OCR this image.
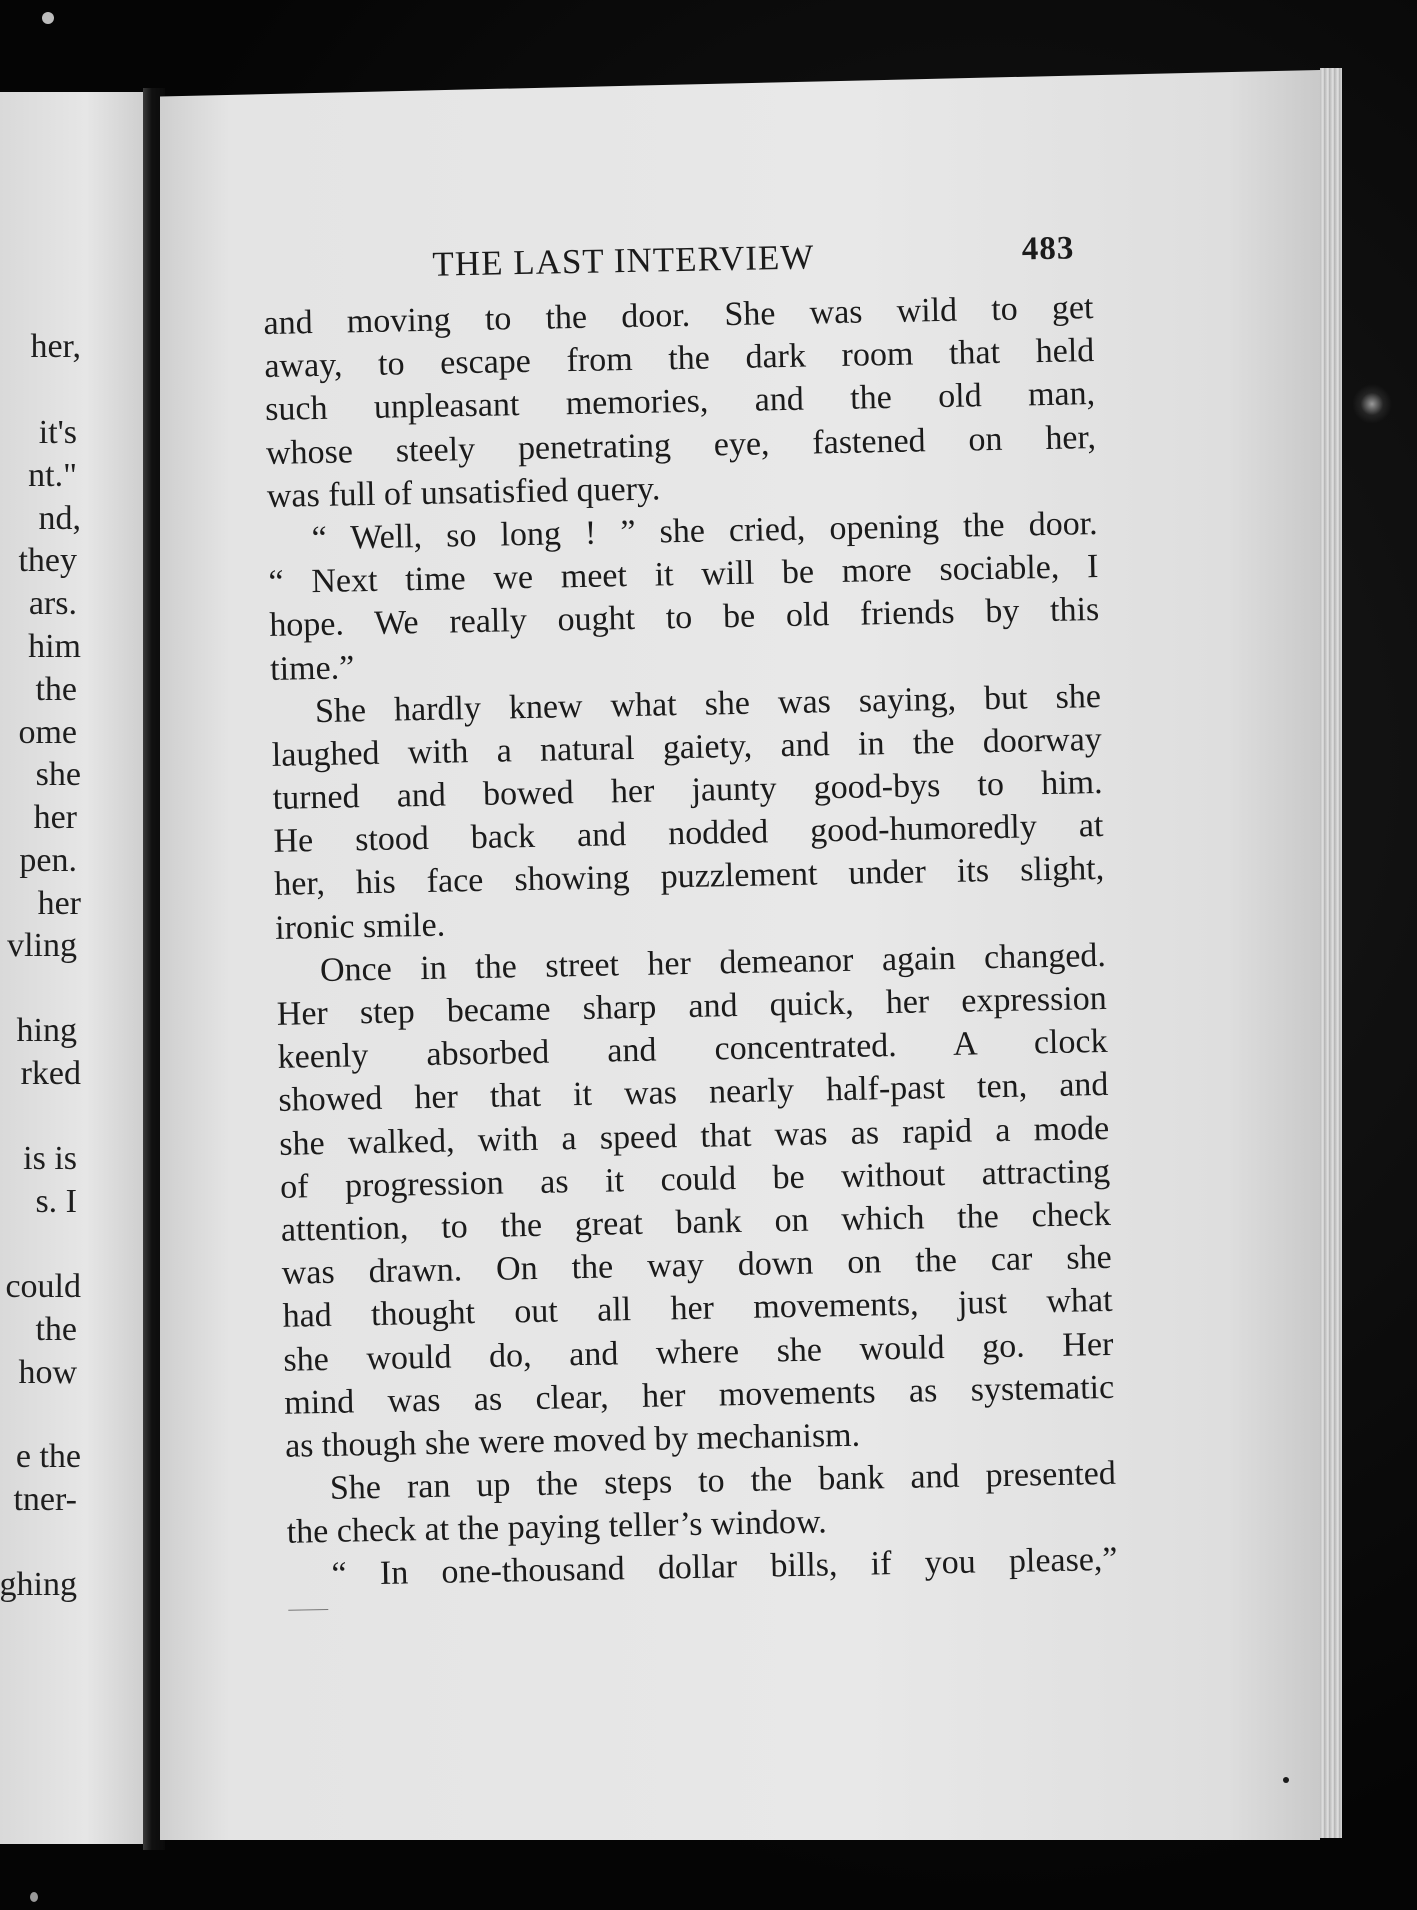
her,
it's
nt."
nd,
they
ars.
him
the
ome
she
her
pen.
her
vling
hing
rked
is is
s. I
could
the
how
e the
tner-
ghing
THE LAST INTERVIEW	483
and moving to the door. She was wild to get
away, to escape from the dark room that held
such unpleasant memories, and the old man,
whose steely penetrating eye, fastened on her,
was full of unsatisfied query.
“ Well, so long ! ” she cried, opening the door.
“ Next time we meet it will be more sociable, I
hope. We really ought to be old friends by this
time.”
She hardly knew what she was saying, but she
laughed with a natural gaiety, and in the doorway
turned and bowed her jaunty good-bys to him.
He stood back and nodded good-humoredly at
her, his face showing puzzlement under its slight,
ironic smile.
Once in the street her demeanor again changed.
Her step became sharp and quick, her expression
keenly absorbed and concentrated. A clock
showed her that it was nearly half-past ten, and
she walked, with a speed that was as rapid a mode
of progression as it could be without attracting
attention, to the great bank on which the check
was drawn. On the way down on the car she
had thought out all her movements, just what
she would do, and where she would go. Her
mind was as clear, her movements as systematic
as though she were moved by mechanism.
She ran up the steps to the bank and presented
the check at the paying teller’s window.
“ In one-thousand dollar bills, if you please,”
